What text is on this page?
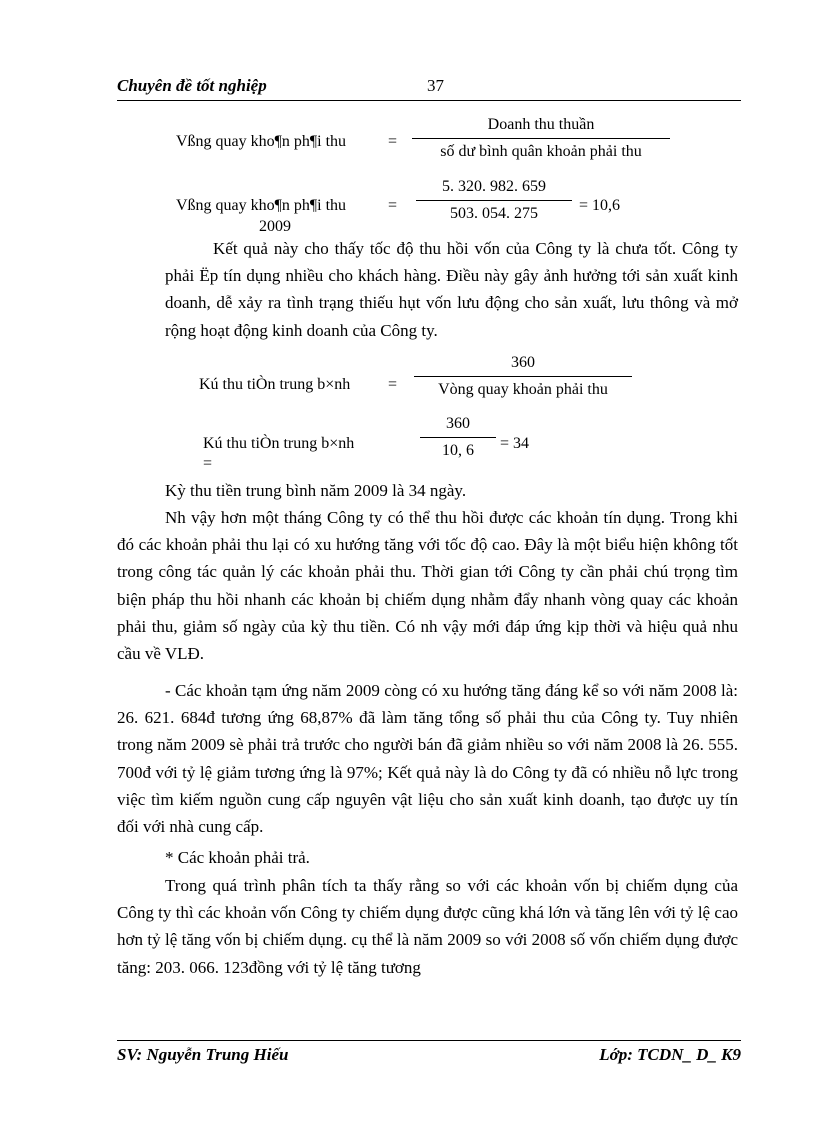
Chuyên đề tốt nghiệp	37
Vßng quay kho¶n ph¶i thu	=
Doanh thu thuần
số dư bình quân khoản phải thu
Vßng quay kho¶n ph¶i thu
2009
=
5. 320. 982. 659
503. 054. 275	= 10,6

Kết quả này cho thấy tốc độ thu hồi vốn của Công ty là chưa tốt. Công ty phải Ëp tín dụng nhiều cho khách hàng. Điều này gây ảnh hưởng tới sản xuất kinh doanh, dễ xảy ra tình trạng thiếu hụt vốn lưu động cho sản xuất, lưu thông và mở rộng hoạt động kinh doanh của Công ty.

Kú thu tiÒn trung b×nh =
360
Vòng quay khoản phải thu
Kú thu tiÒn trung b×nh
=
360
10, 6	= 34

Kỳ thu tiền trung bình năm 2009 là 34 ngày.

Nh vậy hơn một tháng Công ty có thể thu hồi được các khoản tín dụng. Trong khi đó các khoản phải thu lại có xu hướng tăng với tốc độ cao. Đây là một biểu hiện không tốt trong công tác quản lý các khoản phải thu. Thời gian tới Công ty cần phải chú trọng tìm biện pháp thu hồi nhanh các khoản bị chiếm dụng nhằm đẩy nhanh vòng quay các khoản phải thu, giảm số ngày của kỳ thu tiền. Có nh vậy mới đáp ứng kịp thời và hiệu quả nhu cầu về VLĐ.

- Các khoản tạm ứng năm 2009 còng có xu hướng tăng đáng kể so với năm 2008 là: 26. 621. 684đ tương ứng 68,87% đã làm tăng tổng số phải thu của Công ty. Tuy nhiên trong năm 2009 sè phải trả trước cho người bán đã giảm nhiều so với năm 2008 là 26. 555. 700đ với tỷ lệ giảm tương ứng là 97%; Kết quả này là do Công ty đã có nhiều nỗ lực trong việc tìm kiếm nguồn cung cấp nguyên vật liệu cho sản xuất kinh doanh, tạo được uy tín đối với nhà cung cấp.

* Các khoản phải trả.

Trong quá trình phân tích ta thấy rằng so với các khoản vốn bị chiếm dụng của Công ty thì các khoản vốn Công ty chiếm dụng được cũng khá lớn và tăng lên với tỷ lệ cao hơn tỷ lệ tăng vốn bị chiếm dụng. cụ thể là năm 2009 so với 2008 số vốn chiếm dụng được tăng: 203. 066. 123đồng với tỷ lệ tăng tương

SV: Nguyễn Trung Hiếu	Lớp: TCDN_ D_ K9
